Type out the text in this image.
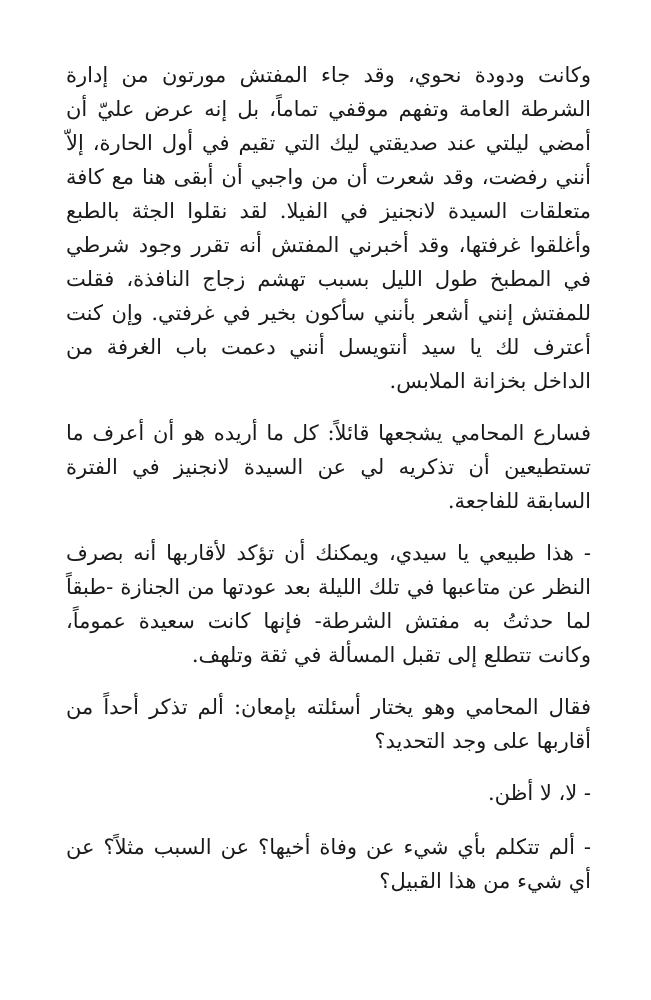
وكانت ودودة نحوي، وقد جاء المفتش مورتون من إدارة الشرطة العامة وتفهم موقفي تماماً، بل إنه عرض عليّ أن أمضي ليلتي عند صديقتي ليك التي تقيم في أول الحارة، إلاّ أنني رفضت، وقد شعرت أن من واجبي أن أبقى هنا مع كافة متعلقات السيدة لانجنيز في الفيلا. لقد نقلوا الجثة بالطبع وأغلقوا غرفتها، وقد أخبرني المفتش أنه تقرر وجود شرطي في المطبخ طول الليل بسبب تهشم زجاج النافذة، فقلت للمفتش إنني أشعر بأنني سأكون بخير في غرفتي. وإن كنت أعترف لك يا سيد أنتويسل أنني دعمت باب الغرفة من الداخل بخزانة الملابس.

فسارع المحامي يشجعها قائلاً: كل ما أريده هو أن أعرف ما تستطيعين أن تذكريه لي عن السيدة لانجنيز في الفترة السابقة للفاجعة.

- هذا طبيعي يا سيدي، ويمكنك أن تؤكد لأقاربها أنه بصرف النظر عن متاعبها في تلك الليلة بعد عودتها من الجنازة -طبقاً لما حدثتُ به مفتش الشرطة- فإنها كانت سعيدة عموماً، وكانت تتطلع إلى تقبل المسألة في ثقة وتلهف.

فقال المحامي وهو يختار أسئلته بإمعان: ألم تذكر أحداً من أقاربها على وجد التحديد؟

- لا، لا أظن.

- ألم تتكلم بأي شيء عن وفاة أخيها؟ عن السبب مثلاً؟ عن أي شيء من هذا القبيل؟
